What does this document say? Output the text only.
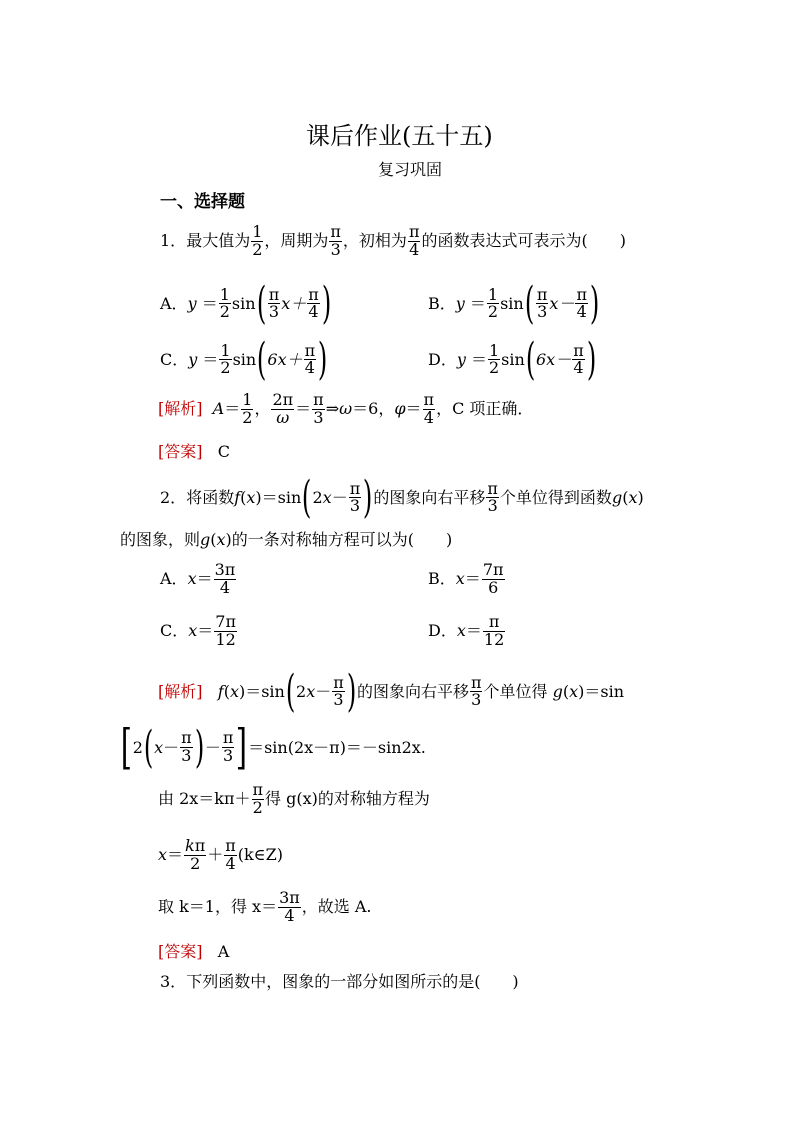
课后作业(五十五)
复习巩固
一、选择题
1． 最大值为 $\frac{1}{2}$ ，周期为 $\frac{\pi}{3}$ ，初相为 $\frac{\pi}{4}$ 的函数表达式可表示为(　　)
A． $y = \frac{1}{2}$ sin ( $\frac{\pi}{3} x+ \frac{\pi}{4}$ )	B． $y = \frac{1}{2}$ sin ( $\frac{\pi}{3} x- \frac{\pi}{4}$ )
C． $y = \frac{1}{2}$ sin ( $6x+ \frac{\pi}{4}$ )	D． $y = \frac{1}{2}$ sin ( $6x- \frac{\pi}{4}$ )
[解析]
$A = \frac{1}{2}$ ， $\frac{2\pi}{\omega} = \frac{\pi}{3}$ ⇒ ω ＝6， $\varphi = \frac{\pi}{4}$ ， C 项正确．
[答案]
C
2． 将函数 f ( x )＝sin ( 2 $x - \frac{\pi}{3}$ ) 的图象向右平移 $\frac{\pi}{3}$ 个单位得到函数 g ( x )
的图象，则 g ( x ) 的一条对称轴方程可以为(　　)
A． $x = \frac{3\pi}{4}$	B． $x = \frac{7\pi}{6}$
C． $x = \frac{7\pi}{12}$	D． $x = \frac{\pi}{12}$
[解析]
f ( x )＝sin ( 2 $x - \frac{\pi}{3}$ ) 的图象向右平移 $\frac{\pi}{3}$ 个单位得
g ( x )＝sin
[ 2 ( $x - \frac{\pi}{3}$ ) － $\frac{\pi}{3}$ ] ＝sin(2x－π)＝－sin2x.
由 $2x=k\pi+ \frac{\pi}{2}$ 得 g(x)的对称轴方程为
$x = \frac{k\pi}{2} + \frac{\pi}{4}$ (k∈Z)
取 k＝1，得 $x= \frac{3\pi}{4}$ ，故选 A.
[答案]
A
3． 下列函数中，图象的一部分如图所示的是(　　)
